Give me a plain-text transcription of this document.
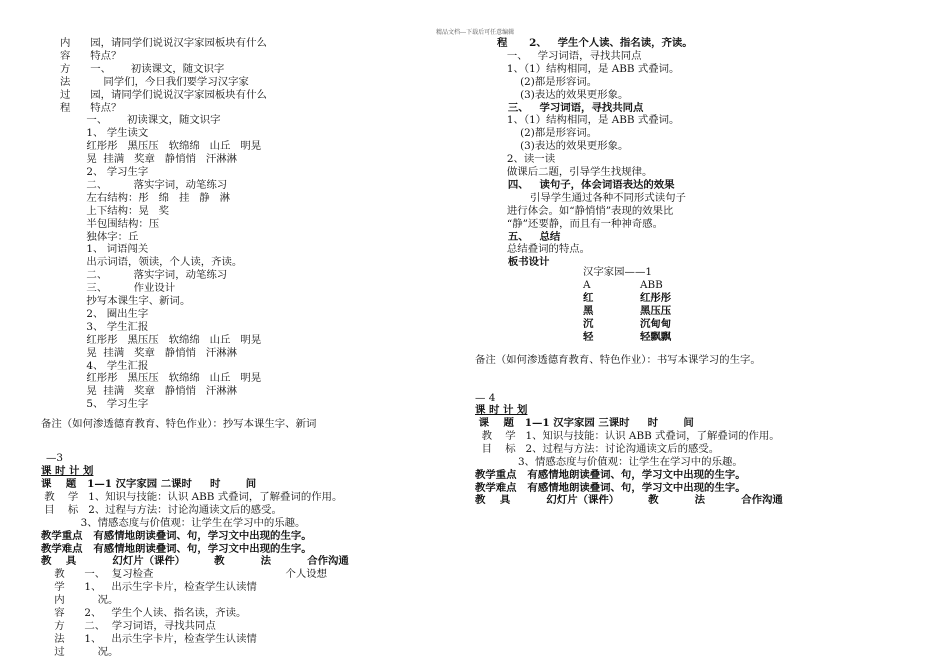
精品文档---下载后可任意编辑
内      园，请同学们说说汉字家园板块有什么
容      特点？
方      一、      初读课文，随文识字
法          同学们，今日我们要学习汉字家
过      园，请同学们说说汉字家园板块有什么
程      特点？
一、      初读课文，随文识字
1、 学生读文
红彤彤   黑压压   软绵绵   山丘   明晃
晃  挂满   奖章   静悄悄   汗淋淋
2、 学习生字
二、        落实字词，动笔练习
左右结构：彤   绵   挂   静   淋
上下结构：晃   奖
半包围结构：压
独体字：丘
1、 词语闯关
出示词语，领读，个人读，齐读。
二、        落实字词，动笔练习
三、        作业设计
抄写本课生字、新词。
2、 圈出生字
3、 学生汇报
红彤彤   黑压压   软绵绵   山丘   明晃
晃  挂满   奖章   静悄悄   汗淋淋
4、 学生汇报
红彤彤   黑压压   软绵绵   山丘   明晃
晃  挂满   奖章   静悄悄   汗淋淋
5、 学习生字
备注（如何渗透德育教育、特色作业）：抄写本课生字、新词
—3
课 时 计 划
课    题   1—1 汉字家园 二课时     时       间
教    学   1、知识与技能：认识 ABB 式叠词，了解叠词的作用。
目    标   2、过程与方法：讨论沟通读文后的感受。
3、情感态度与价值观：让学生在学习中的乐趣。
教学重点   有感情地朗读叠词、句，学习文中出现的生字。
教学难点   有感情地朗读叠词、句，学习文中出现的生字。
教    具          幻灯片（课件）        教          法          合作沟通
教      一、  复习检查                                        个人设想
学      1、   出示生字卡片，检查学生认读情
内          况。
容      2、   学生个人读、指名读，齐读。
方      二、  学习词语，寻找共同点
法      1、   出示生字卡片，检查学生认读情
过          况。
程      2、   学生个人读、指名读，齐读。
一、   学习词语，寻找共同点
1、（1）结构相同，是 ABB 式叠词。
(2)都是形容词。
(3)表达的效果更形象。
三、   学习词语，寻找共同点
1、（1）结构相同，是 ABB 式叠词。
(2)都是形容词。
(3)表达的效果更形象。
2、读一读
做课后二题，引导学生找规律。
四、   读句子，体会词语表达的效果
引导学生通过各种不同形式读句子
进行体会。如“静悄悄”表现的效果比
“静”还要静，而且有一种神奇感。
五、   总结
总结叠词的特点。
板书设计
汉字家园——1
A	ABB
红	红彤彤
黑	黑压压
沉	沉甸甸
轻	轻飘飘
备注（如何渗透德育教育、特色作业）：书写本课学习的生字。
— 4
课 时 计 划
课    题   1—1 汉字家园 三课时     时       间
教    学   1、知识与技能：认识 ABB 式叠词，了解叠词的作用。
目    标   2、过程与方法：讨论沟通读文后的感受。
3、情感态度与价值观：让学生在学习中的乐趣。
教学重点   有感情地朗读叠词、句，学习文中出现的生字。
教学难点   有感情地朗读叠词、句，学习文中出现的生字。
教    具          幻灯片（课件）        教          法          合作沟通
